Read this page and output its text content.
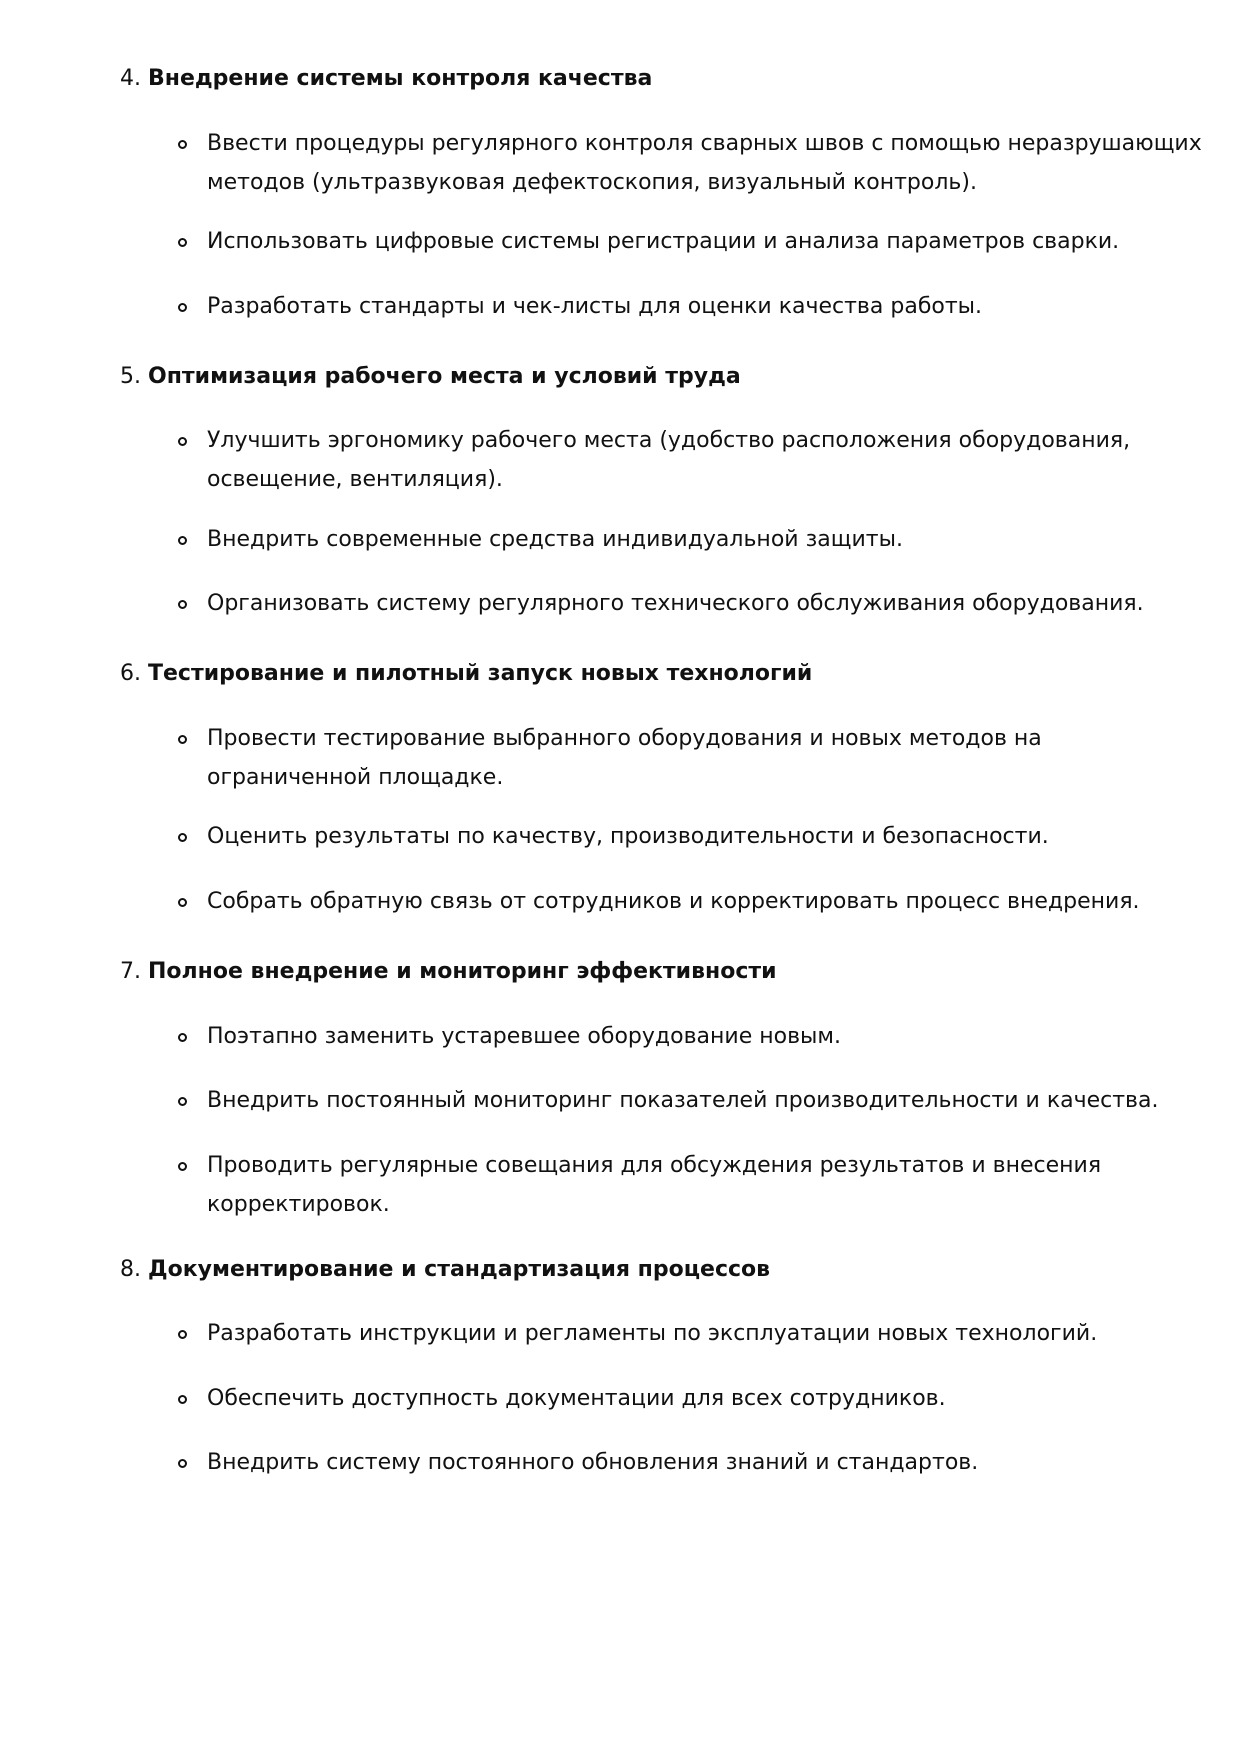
4. Внедрение системы контроля качества
Ввести процедуры регулярного контроля сварных швов с помощью неразрушающих методов (ультразвуковая дефектоскопия, визуальный контроль).
Использовать цифровые системы регистрации и анализа параметров сварки.
Разработать стандарты и чек-листы для оценки качества работы.
5. Оптимизация рабочего места и условий труда
Улучшить эргономику рабочего места (удобство расположения оборудования, освещение, вентиляция).
Внедрить современные средства индивидуальной защиты.
Организовать систему регулярного технического обслуживания оборудования.
6. Тестирование и пилотный запуск новых технологий
Провести тестирование выбранного оборудования и новых методов на ограниченной площадке.
Оценить результаты по качеству, производительности и безопасности.
Собрать обратную связь от сотрудников и корректировать процесс внедрения.
7. Полное внедрение и мониторинг эффективности
Поэтапно заменить устаревшее оборудование новым.
Внедрить постоянный мониторинг показателей производительности и качества.
Проводить регулярные совещания для обсуждения результатов и внесения корректировок.
8. Документирование и стандартизация процессов
Разработать инструкции и регламенты по эксплуатации новых технологий.
Обеспечить доступность документации для всех сотрудников.
Внедрить систему постоянного обновления знаний и стандартов.
